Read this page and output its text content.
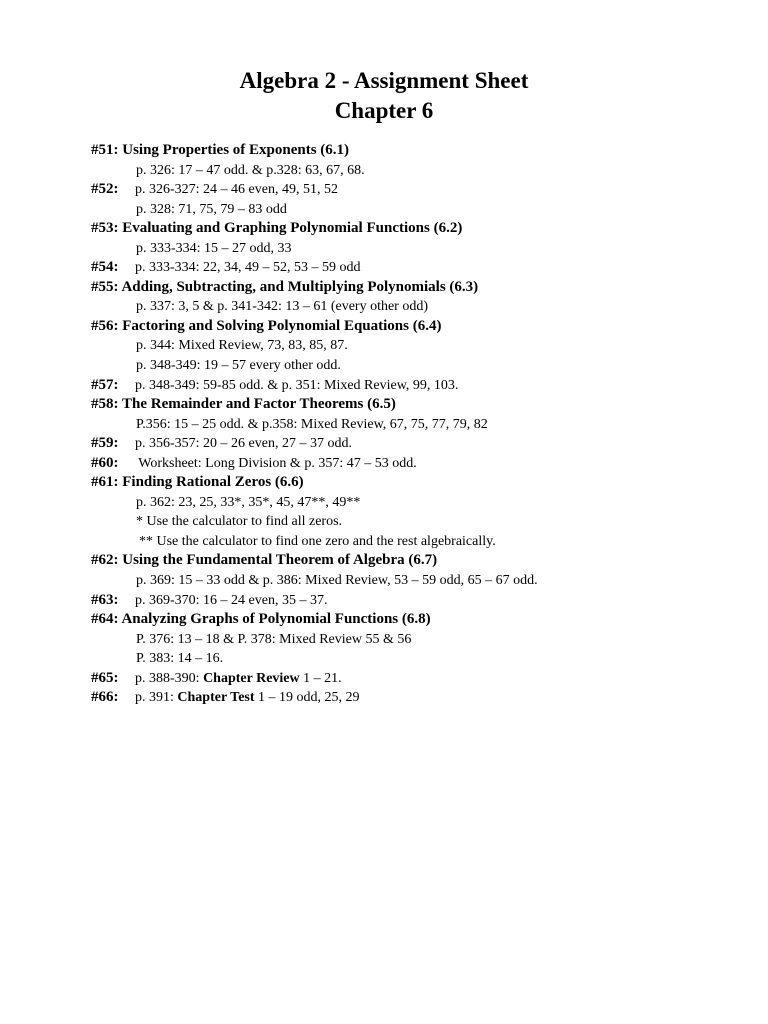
Algebra 2 - Assignment Sheet
Chapter 6
#51: Using Properties of Exponents (6.1)
p. 326: 17 – 47 odd. & p.328: 63, 67, 68.
#52: p. 326-327: 24 – 46 even, 49, 51, 52
p. 328: 71, 75, 79 – 83 odd
#53: Evaluating and Graphing Polynomial Functions (6.2)
p. 333-334: 15 – 27 odd, 33
#54: p. 333-334: 22, 34, 49 – 52, 53 – 59 odd
#55: Adding, Subtracting, and Multiplying Polynomials (6.3)
p. 337: 3, 5 & p. 341-342: 13 – 61 (every other odd)
#56: Factoring and Solving Polynomial Equations (6.4)
p. 344: Mixed Review, 73, 83, 85, 87.
p. 348-349: 19 – 57 every other odd.
#57: p. 348-349: 59-85 odd. & p. 351: Mixed Review, 99, 103.
#58: The Remainder and Factor Theorems (6.5)
P.356: 15 – 25 odd. & p.358: Mixed Review, 67, 75, 77, 79, 82
#59: p. 356-357: 20 – 26 even, 27 – 37 odd.
#60: Worksheet: Long Division & p. 357: 47 – 53 odd.
#61: Finding Rational Zeros (6.6)
p. 362: 23, 25, 33*, 35*, 45, 47**, 49**
* Use the calculator to find all zeros.
** Use the calculator to find one zero and the rest algebraically.
#62: Using the Fundamental Theorem of Algebra (6.7)
p. 369: 15 – 33 odd & p. 386: Mixed Review, 53 – 59 odd, 65 – 67 odd.
#63: p. 369-370: 16 – 24 even, 35 – 37.
#64: Analyzing Graphs of Polynomial Functions (6.8)
P. 376: 13 – 18 & P. 378: Mixed Review 55 & 56
P. 383: 14 – 16.
#65: p. 388-390: Chapter Review 1 – 21.
#66: p. 391: Chapter Test 1 – 19 odd, 25, 29
